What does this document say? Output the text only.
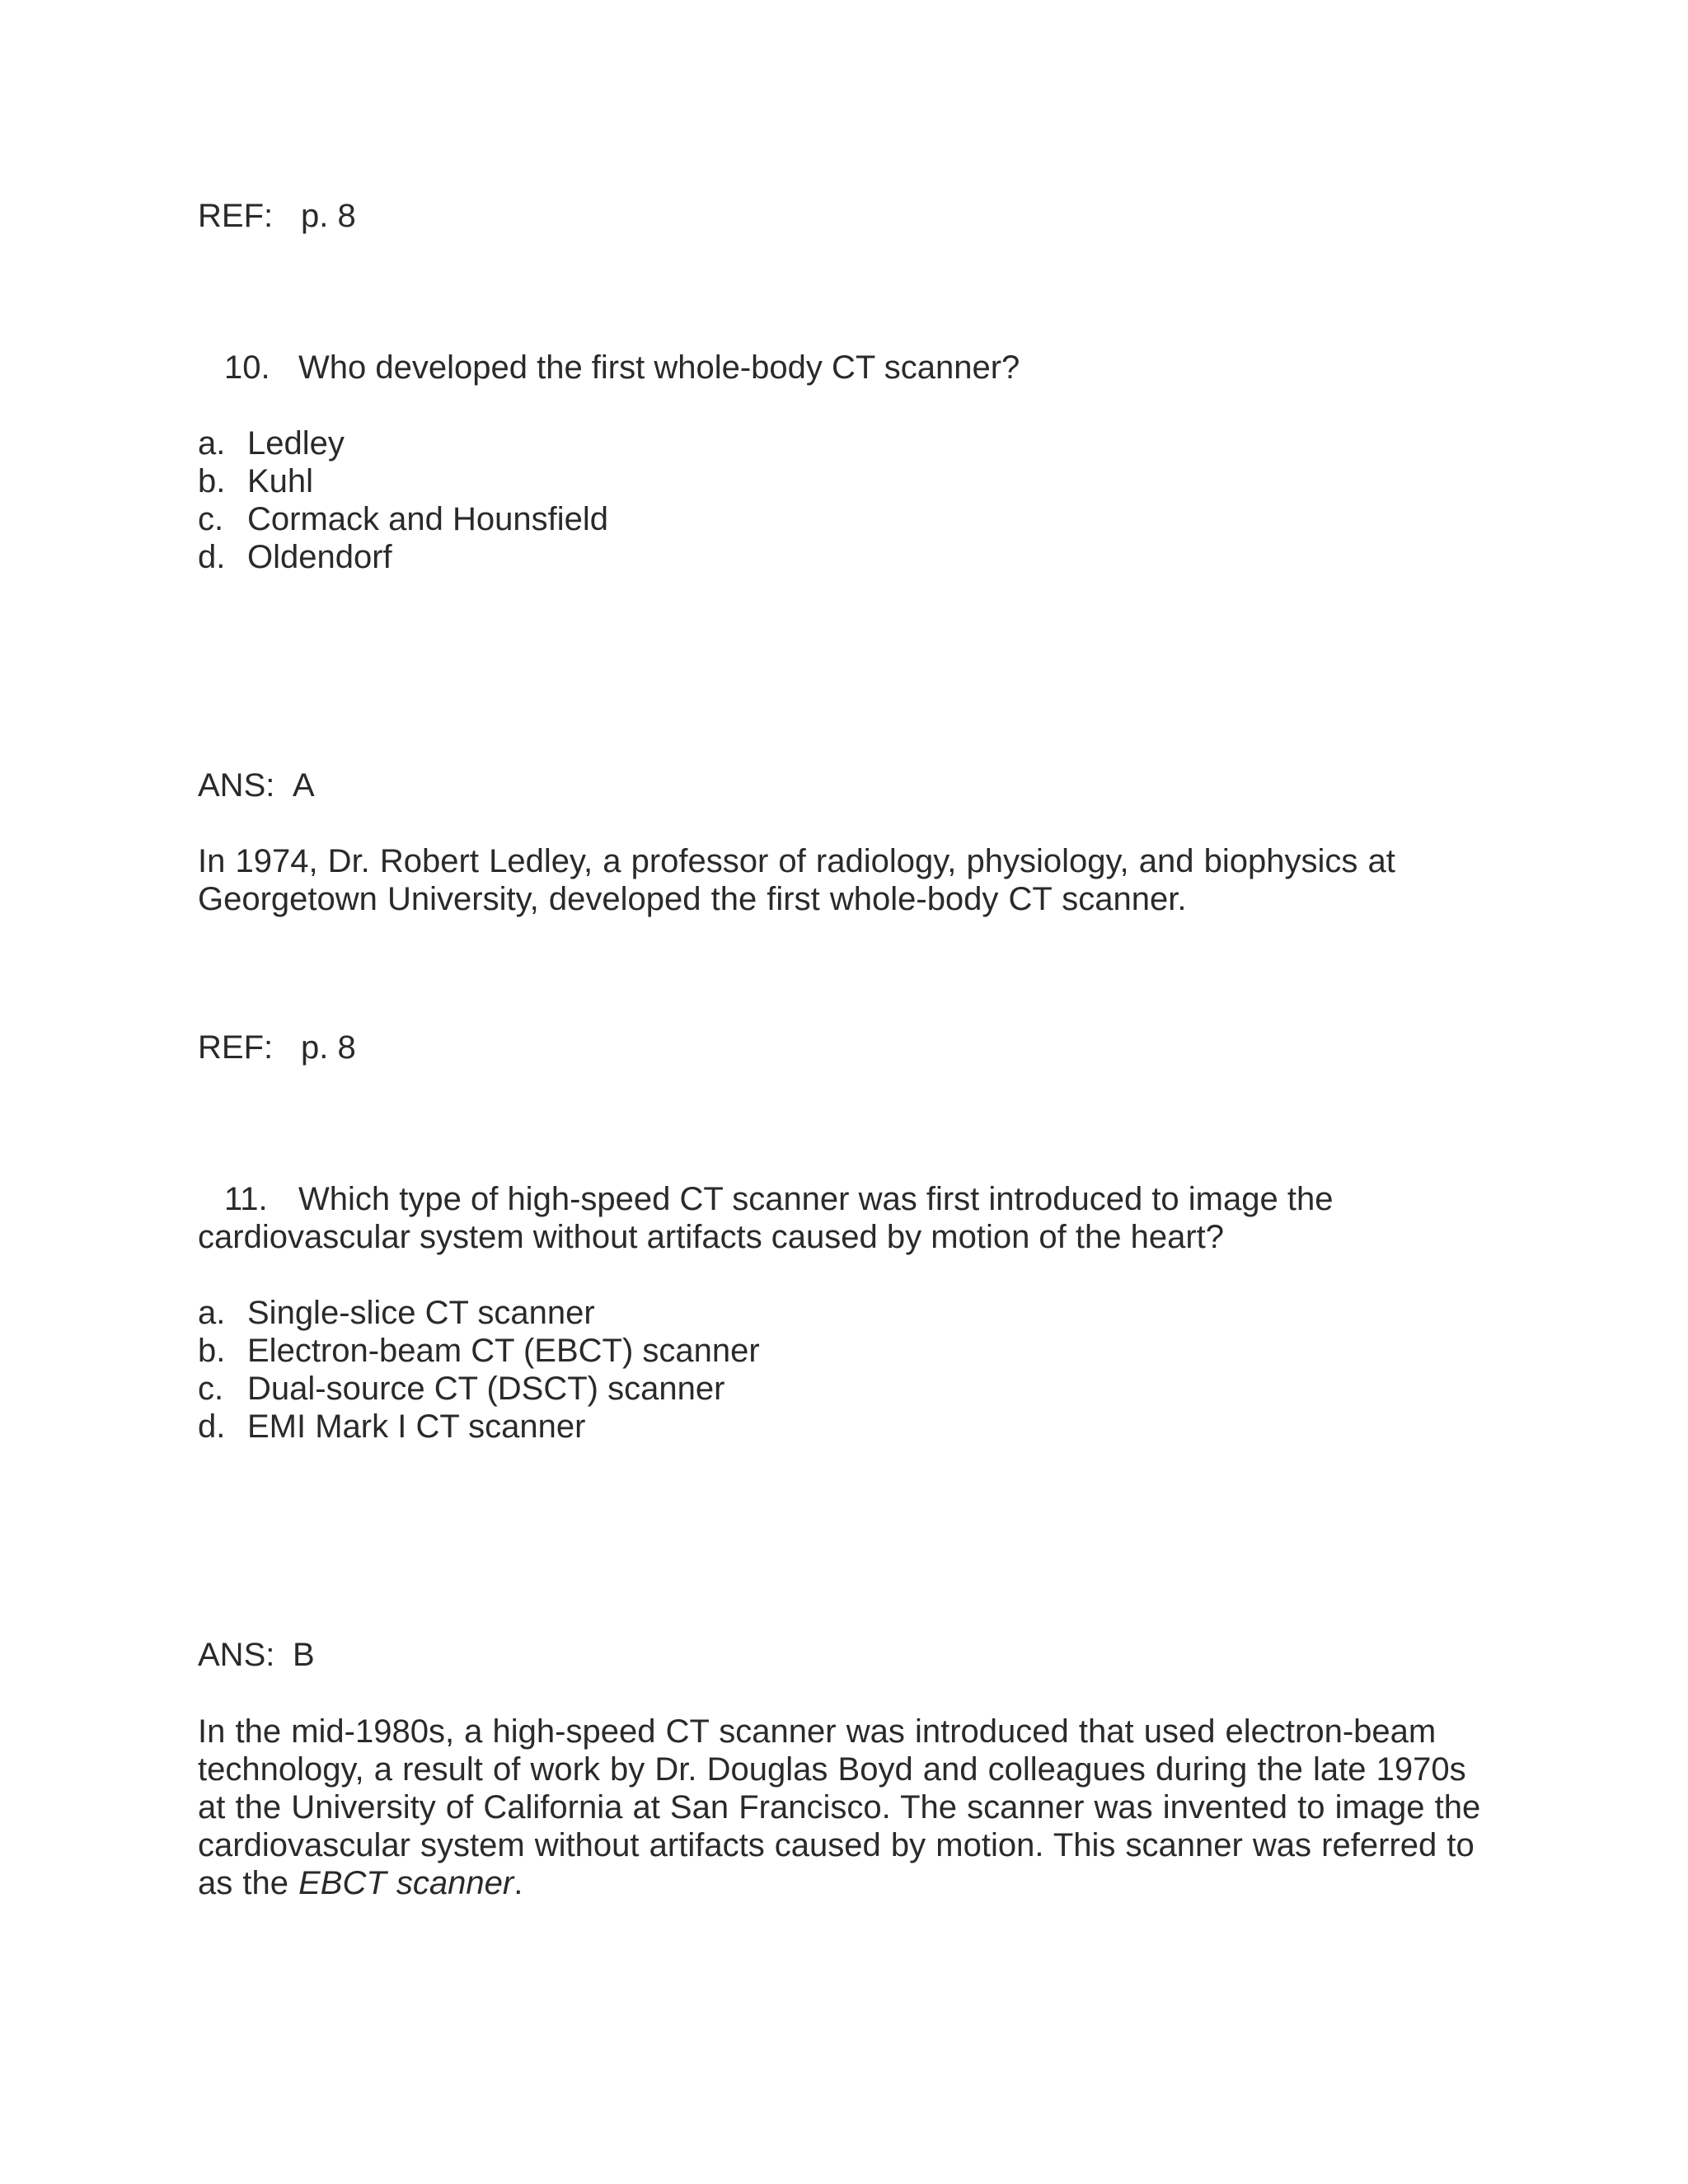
REF: p. 8

10. Who developed the first whole-body CT scanner?

a. Ledley
b. Kuhl
c. Cormack and Hounsfield
d. Oldendorf

ANS: A

In 1974, Dr. Robert Ledley, a professor of radiology, physiology, and biophysics at Georgetown University, developed the first whole-body CT scanner.

REF: p. 8

11. Which type of high-speed CT scanner was first introduced to image the cardiovascular system without artifacts caused by motion of the heart?

a. Single-slice CT scanner
b. Electron-beam CT (EBCT) scanner
c. Dual-source CT (DSCT) scanner
d. EMI Mark I CT scanner

ANS: B

In the mid-1980s, a high-speed CT scanner was introduced that used electron-beam technology, a result of work by Dr. Douglas Boyd and colleagues during the late 1970s at the University of California at San Francisco. The scanner was invented to image the cardiovascular system without artifacts caused by motion. This scanner was referred to as the EBCT scanner.
